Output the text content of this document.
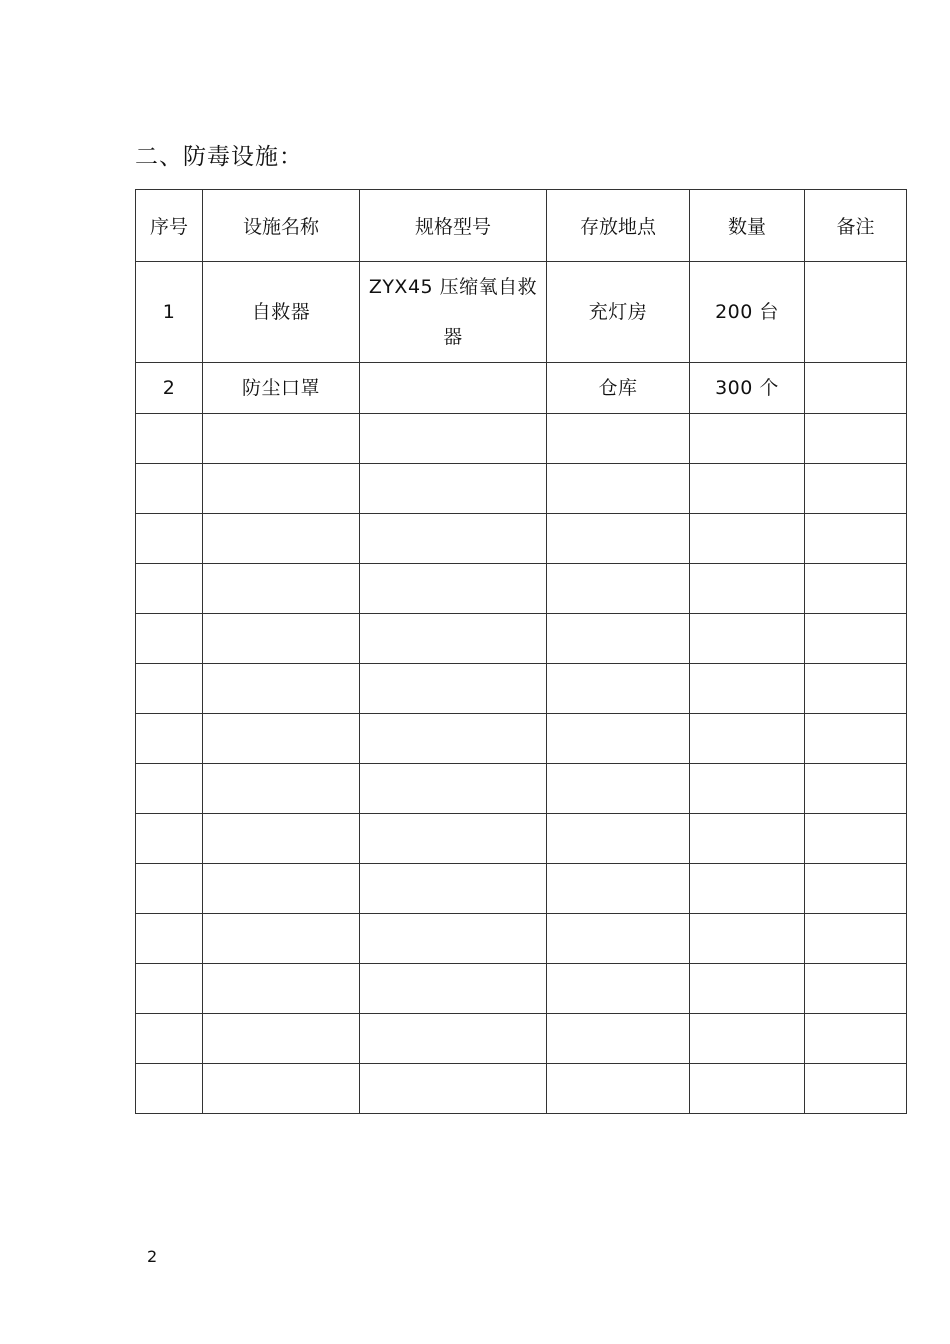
二、防毒设施：
序号	设施名称	规格型号	存放地点	数量	备注
1	自救器	ZYX45 压缩氧自救器	充灯房	200 台	
2	防尘口罩		仓库	300 个	

2
